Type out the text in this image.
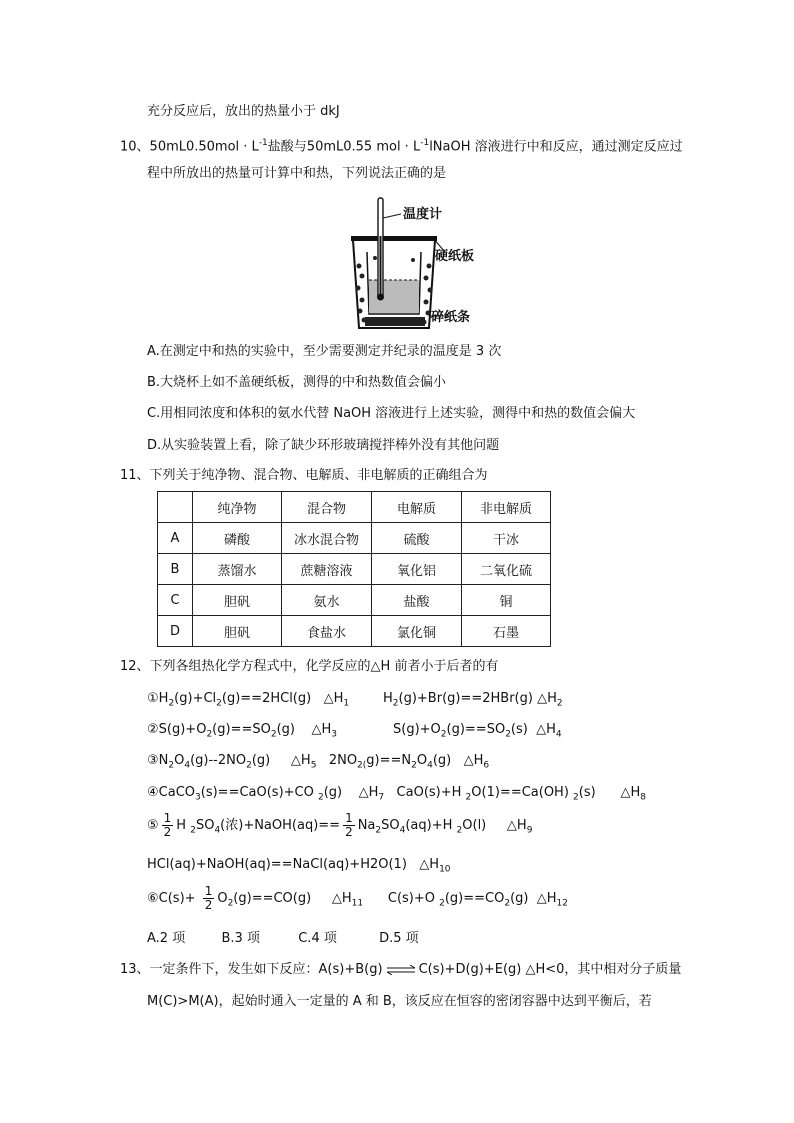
充分反应后，放出的热量小于 dkJ
10、$50mL0.50mol \cdot L^{-1}$盐酸与50mL0.55 mol · $L^{-1}lNaOH$ 溶液进行中和反应，通过测定反应过
程中所放出的热量可计算中和热，下列说法正确的是
温度计
硬纸板
碎纸条
A.在测定中和热的实验中，至少需要测定并纪录的温度是 3 次
B.大烧杯上如不盖硬纸板，测得的中和热数值会偏小
C.用相同浓度和体积的氨水代替 NaOH 溶液进行上述实验，测得中和热的数值会偏大
D.从实验装置上看，除了缺少环形玻璃搅拌棒外没有其他问题
11、下列关于纯净物、混合物、电解质、非电解质的正确组合为
	纯净物	混合物	电解质	非电解质
A	磷酸	冰水混合物	硫酸	干冰
B	蒸馏水	蔗糖溶液	氧化铝	二氧化硫
C	胆矾	氨水	盐酸	铜
D	胆矾	食盐水	氯化铜	石墨
12、下列各组热化学方程式中，化学反应的△H 前者小于后者的有
$①H_2(g)+Cl_2(g)==2HCl(g)$   $\triangle H_1$	$H_2(g)+Br(g)==2HBr(g)$ $\triangle H_2$
$②S(g)+O_2(g)==SO_2(g)$    $\triangle H_3$	$S(g)+O_2(g)==SO_2(s)$  $\triangle H_4$
$③N_2O_4(g)--2NO_2(g)$     $\triangle H_5$   $2NO_{2(}g)==N_2O_4(g)$   $\triangle H_6$
④CaCO$_3$(s)==CaO(s)+CO $_2$(g)    $\triangle H_7$   CaO(s)+H $_2$O(1)==Ca(OH) $_2$(s)      $\triangle H_8$
⑤ $\frac{1}{2}$ H $_2SO_4$(浓)+NaOH(aq)== $\frac{1}{2} Na_2SO_4(aq)+H$ $_2$O(l)     $\triangle H_9$
HCl(aq)+NaOH(aq)==NaCl(aq)+H2O(1)   $\triangle H_{10}$
⑥C(s)+ $\frac{1}{2} O_2(g)==CO(g)$     $\triangle H_{11}$      C(s)+O $_2(g)==CO_2(g)$  $\triangle H_{12}$
A.2 项	B.3 项	C.4 项	D.5 项
13、一定条件下，发生如下反应：A(s)+B(g) ⇌ C(s)+D(g)+E(g) △H<0，其中相对分子质量
M(C)>M(A)，起始时通入一定量的 A 和 B，该反应在恒容的密闭容器中达到平衡后，若
